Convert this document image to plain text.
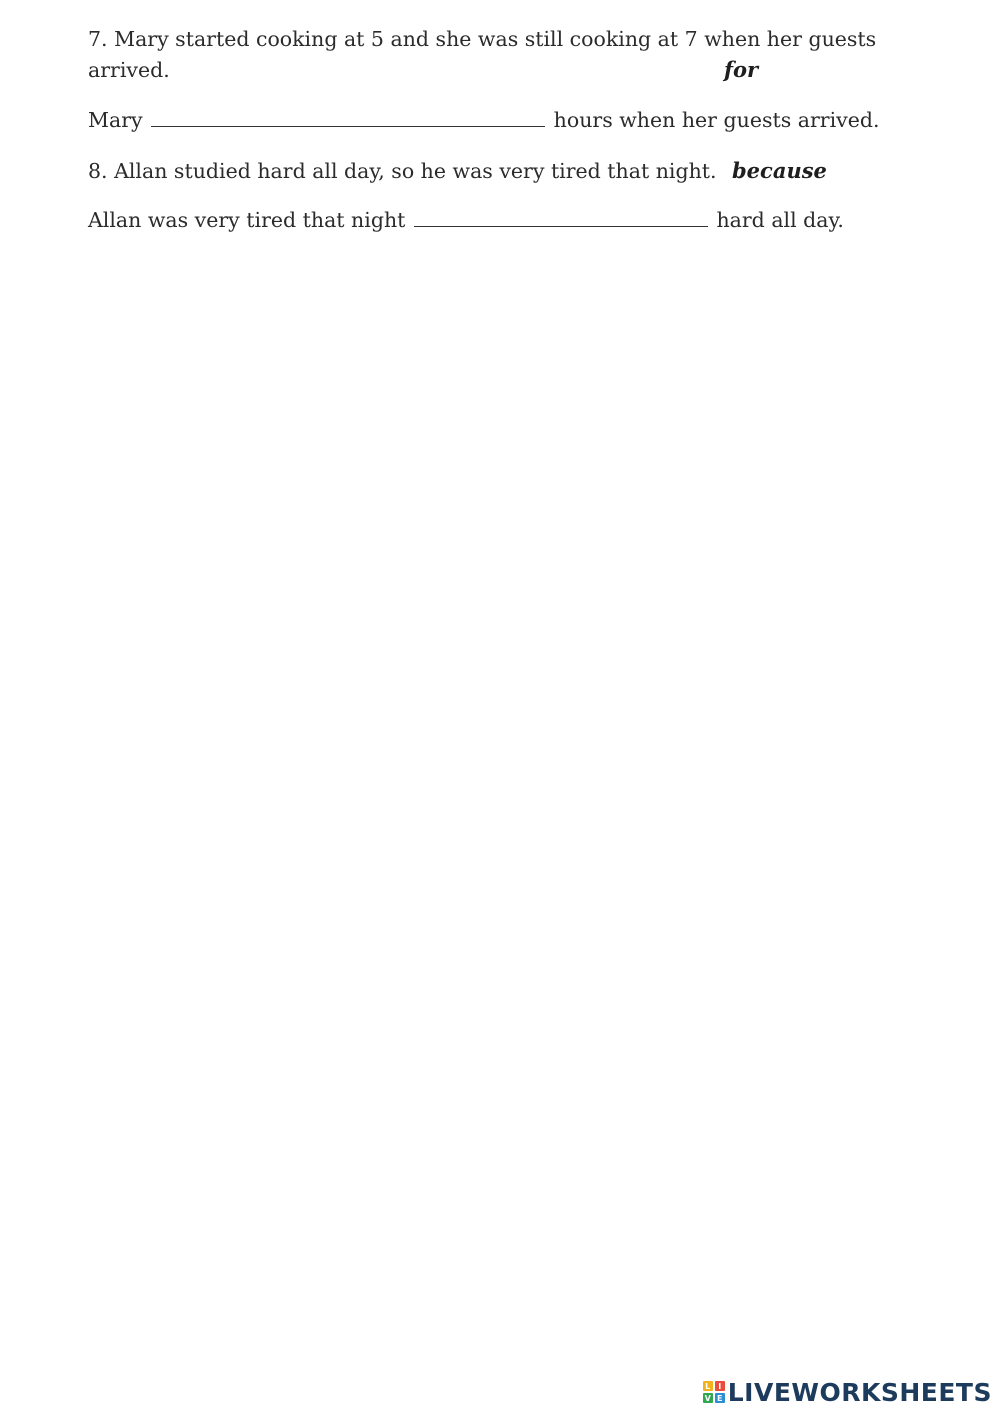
7. Mary started cooking at 5 and she was still cooking at 7 when her guests
arrived.	for
Mary	hours when her guests arrived.
8. Allan studied hard all day, so he was very tired that night. because
Allan was very tired that night	hard all day.
L I
V E LIVEWORKSHEETS
